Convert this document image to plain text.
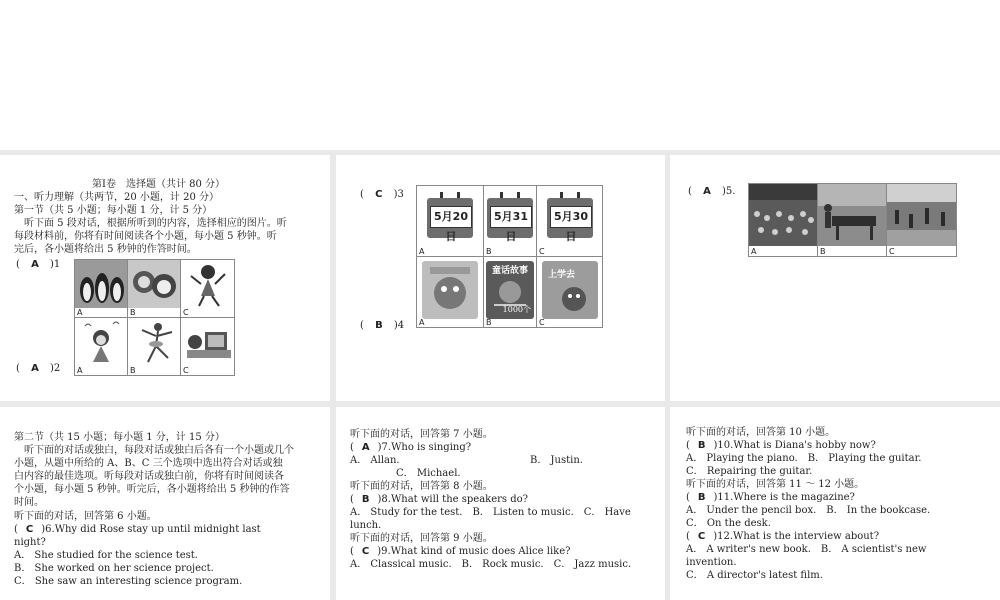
第Ⅰ卷　选择题（共计 80 分）
一、听力理解（共两节，20 小题，计 20 分）
第一节（共 5 小题；每小题 1 分，计 5 分）
　听下面 5 段对话，根据所听到的内容，选择相应的图片。听
每段材料前，你将有时间阅读各个小题，每小题 5 秒钟。听
完后，各小题将给出 5 秒钟的作答时间。
( A )1
A	B	C
A	B	C
( A )2
( C )3
5月20日
A
5月31日
B
5月30日
C
A
童话故事
1000个
B
上学去
C
( B )4
( A )5.
A	B	C
第二节（共 15 小题；每小题 1 分，计 15 分）
　听下面的对话或独白，每段对话或独白后各有一个小题或几个
小题，从题中所给的 A、B、C 三个选项中选出符合对话或独
白内容的最佳选项。听每段对话或独白前，你将有时间阅读各
个小题，每小题 5 秒钟。听完后，各小题将给出 5 秒钟的作答
时间。
听下面的对话，回答第 6 小题。
( C )6.Why did Rose stay up until midnight last
night?
A． She studied for the science test.
B． She worked on her science project.
C． She saw an interesting science program.
听下面的对话，回答第 7 小题。
( A )7.Who is singing?
A． Allan.	B． Justin.
C． Michael.
听下面的对话，回答第 8 小题。
( B )8.What will the speakers do?
A． Study for the test.　B． Listen to music.　C． Have
lunch.
听下面的对话，回答第 9 小题。
( C )9.What kind of music does Alice like?
A． Classical music.　B． Rock music.　C． Jazz music.
听下面的对话，回答第 10 小题。
( B )10.What is Diana's hobby now?
A． Playing the piano.　B． Playing the guitar.
C． Repairing the guitar.
听下面的对话，回答第 11 ～ 12 小题。
( B )11.Where is the magazine?
A． Under the pencil box.　B． In the bookcase.
C． On the desk.
( C )12.What is the interview about?
A． A writer's new book.　B． A scientist's new
invention.
C． A director's latest film.
